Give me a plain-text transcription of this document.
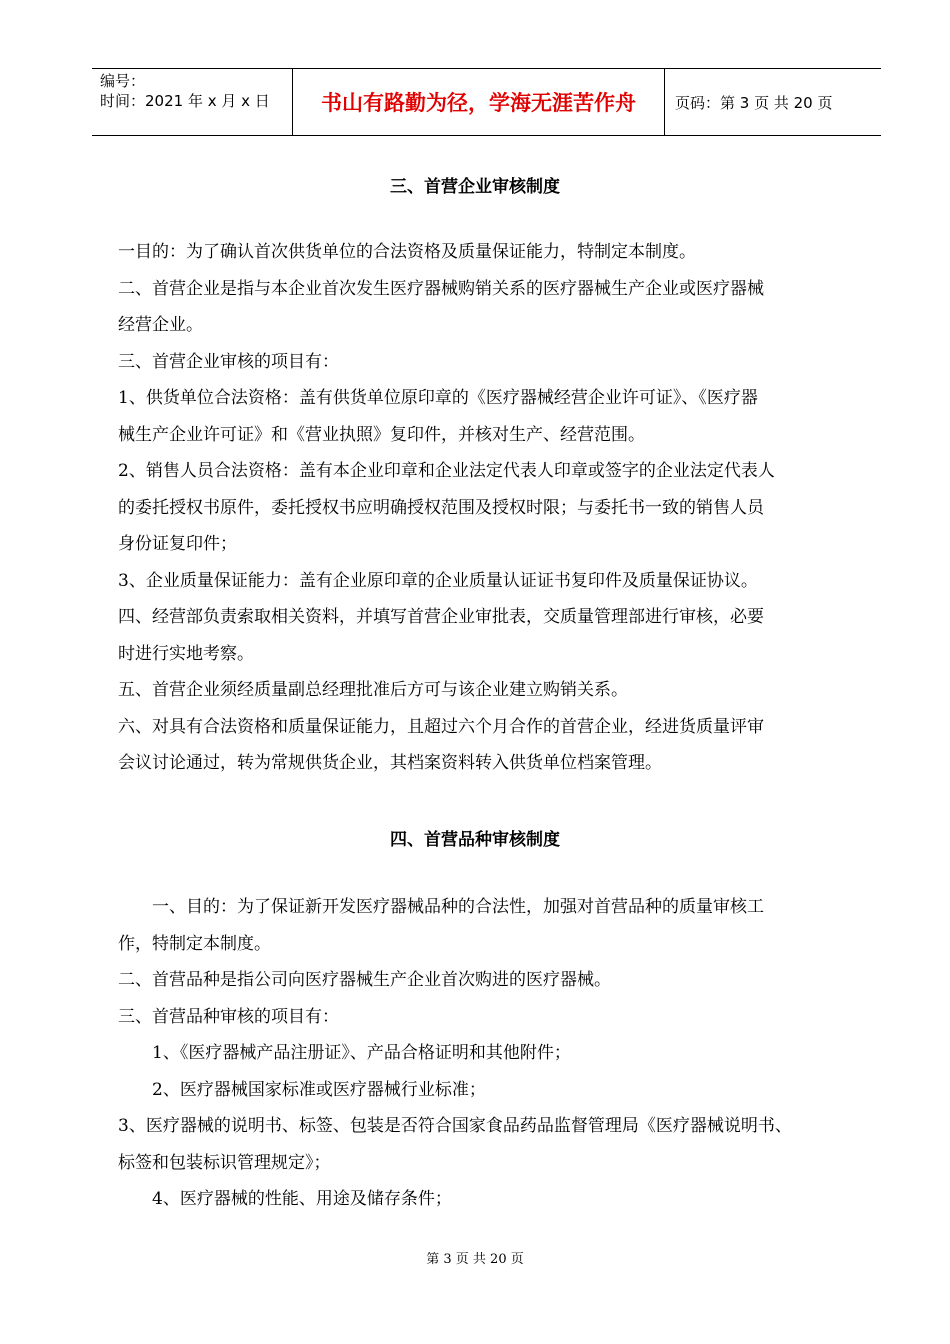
编号：
时间：2021 年 x 月 x 日	书山有路勤为径，学海无涯苦作舟	页码：第 3 页 共 20 页
三、首营企业审核制度
一目的：为了确认首次供货单位的合法资格及质量保证能力，特制定本制度。
二、首营企业是指与本企业首次发生医疗器械购销关系的医疗器械生产企业或医疗器械
经营企业。
三、首营企业审核的项目有：
1、供货单位合法资格：盖有供货单位原印章的《医疗器械经营企业许可证》、《医疗器
械生产企业许可证》和《营业执照》复印件，并核对生产、经营范围。
2、销售人员合法资格：盖有本企业印章和企业法定代表人印章或签字的企业法定代表人
的委托授权书原件，委托授权书应明确授权范围及授权时限；与委托书一致的销售人员
身份证复印件；
3、企业质量保证能力：盖有企业原印章的企业质量认证证书复印件及质量保证协议。
四、经营部负责索取相关资料，并填写首营企业审批表，交质量管理部进行审核，必要
时进行实地考察。
五、首营企业须经质量副总经理批准后方可与该企业建立购销关系。
六、对具有合法资格和质量保证能力，且超过六个月合作的首营企业，经进货质量评审
会议讨论通过，转为常规供货企业，其档案资料转入供货单位档案管理。
四、首营品种审核制度
一、目的：为了保证新开发医疗器械品种的合法性，加强对首营品种的质量审核工
作，特制定本制度。
二、首营品种是指公司向医疗器械生产企业首次购进的医疗器械。
三、首营品种审核的项目有：
1、《医疗器械产品注册证》、产品合格证明和其他附件；
2、医疗器械国家标准或医疗器械行业标准；
3、医疗器械的说明书、标签、包装是否符合国家食品药品监督管理局《医疗器械说明书、
标签和包装标识管理规定》；
4、医疗器械的性能、用途及储存条件；
第 3 页 共 20 页
